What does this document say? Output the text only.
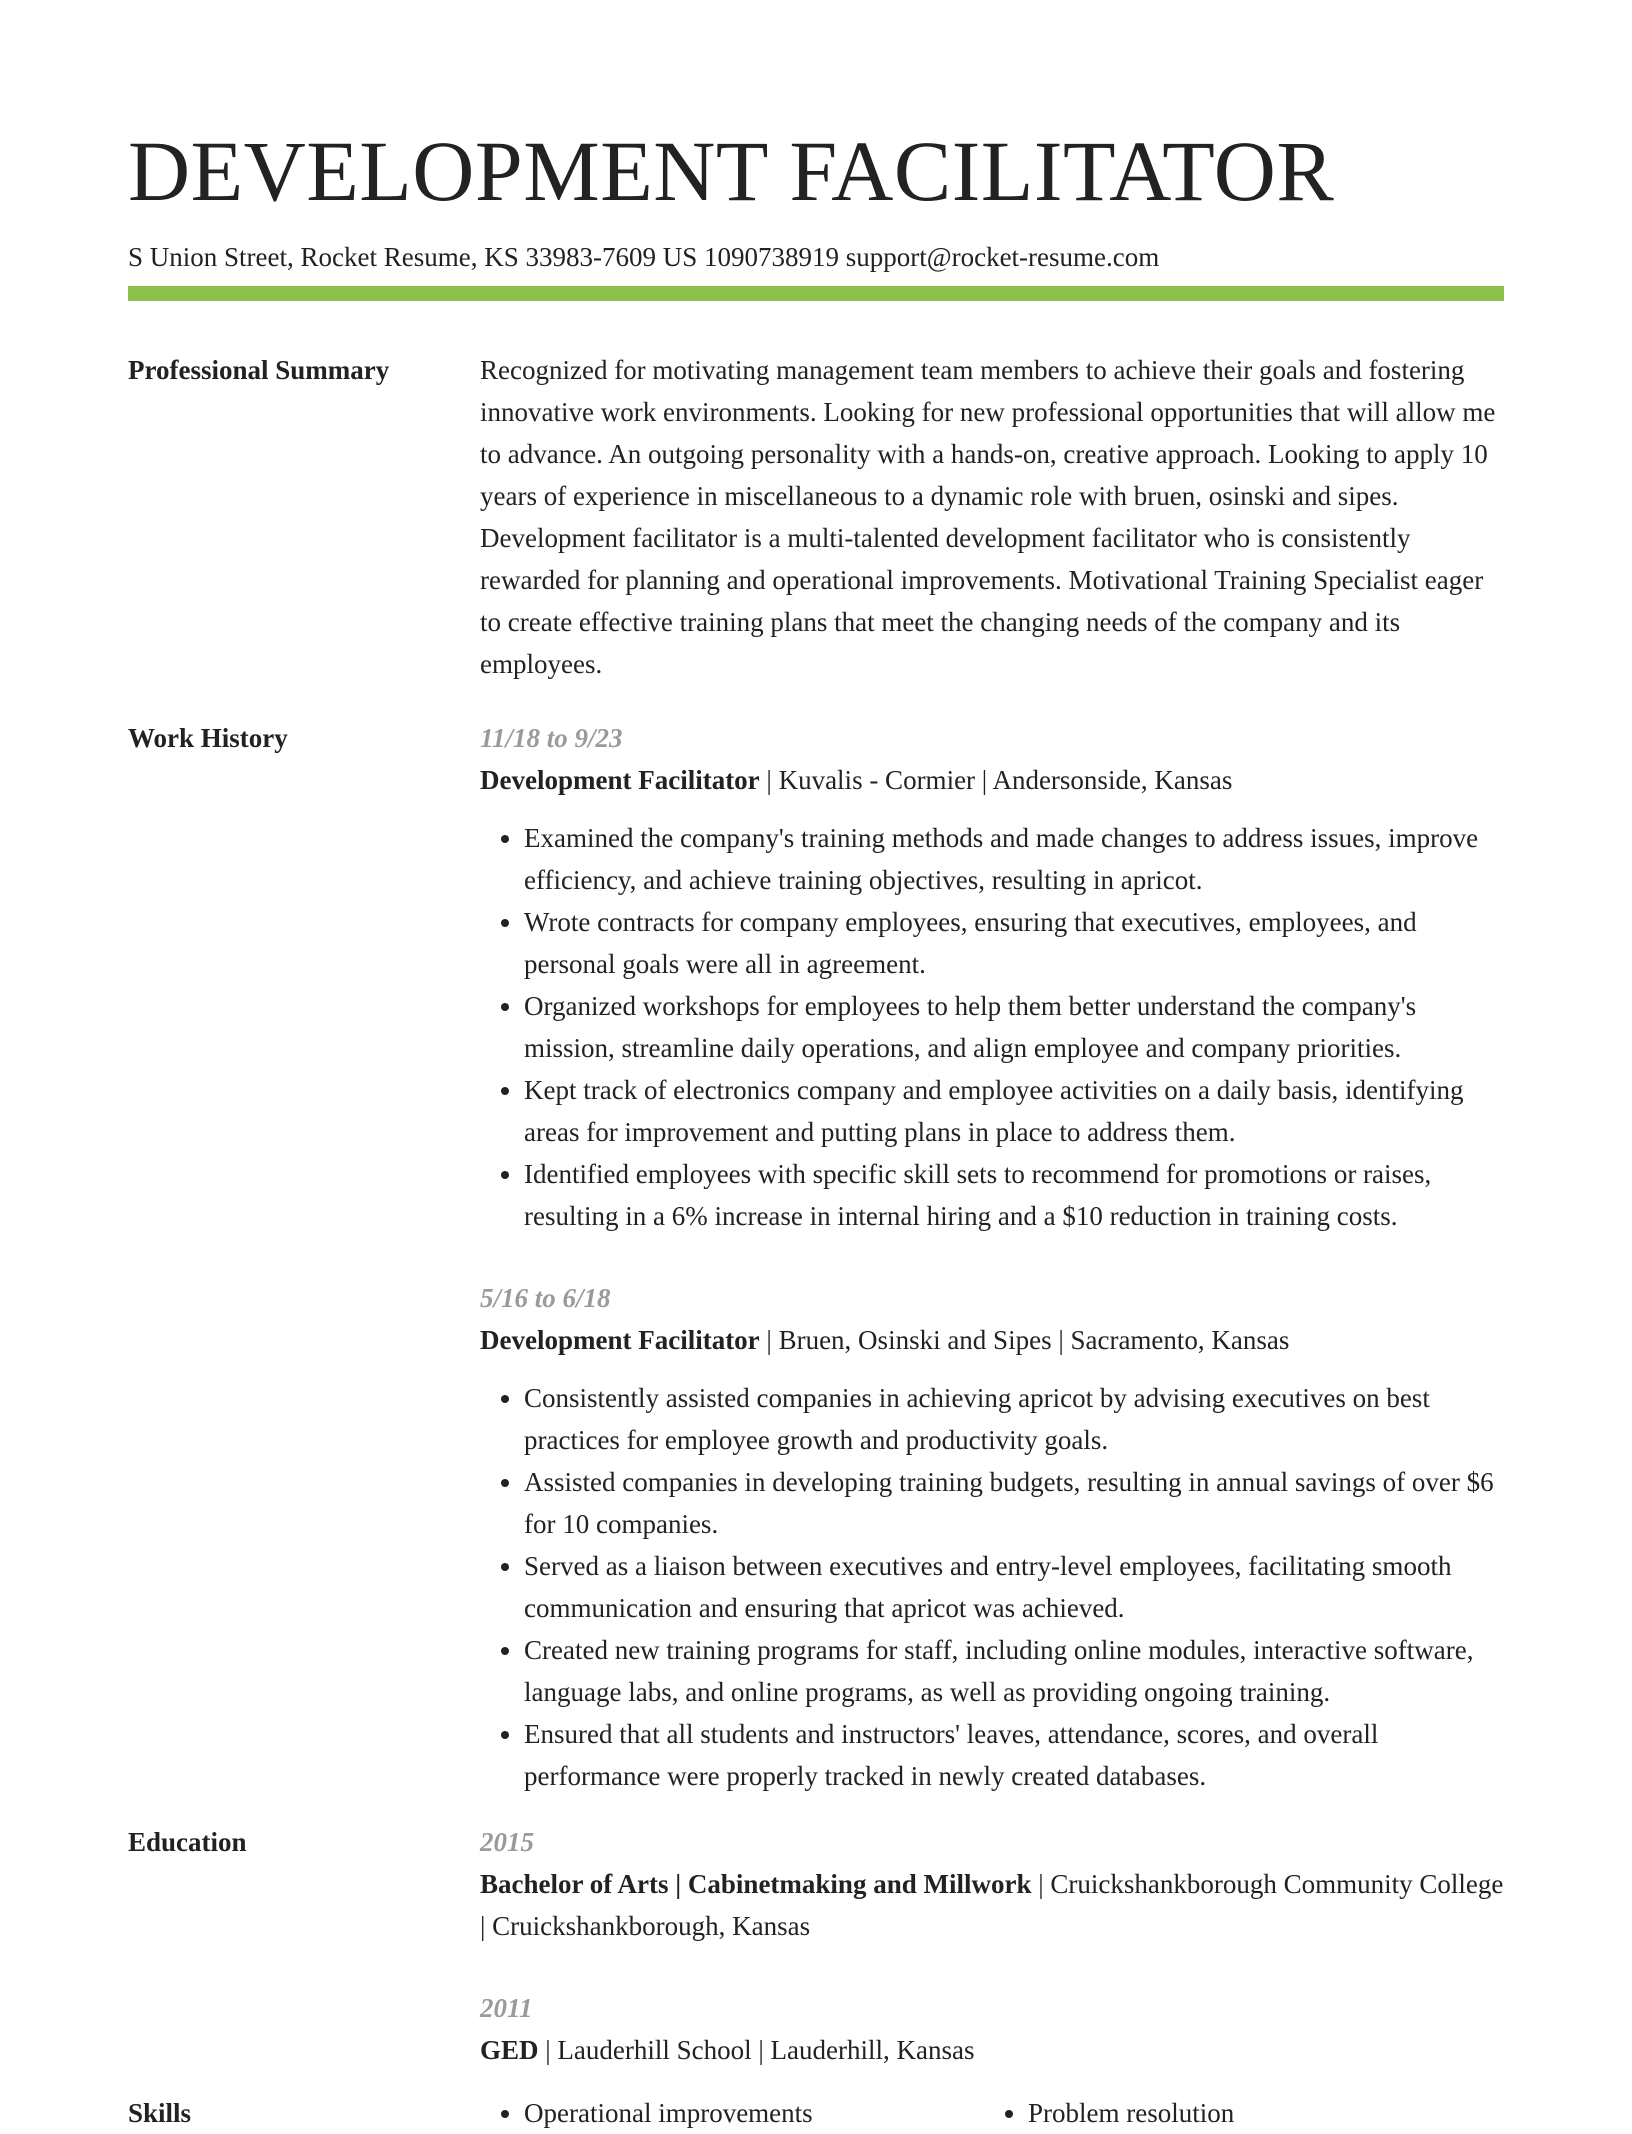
DEVELOPMENT FACILITATOR
S Union Street, Rocket Resume, KS 33983-7609 US 1090738919 support@rocket-resume.com
Professional Summary	Recognized for motivating management team members to achieve their goals and fostering innovative work environments. Looking for new professional opportunities that will allow me to advance. An outgoing personality with a hands-on, creative approach. Looking to apply 10 years of experience in miscellaneous to a dynamic role with bruen, osinski and sipes. Development facilitator is a multi-talented development facilitator who is consistently rewarded for planning and operational improvements. Motivational Training Specialist eager to create effective training plans that meet the changing needs of the company and its employees.

Work History	11/18 to 9/23
Development Facilitator | Kuvalis - Cormier | Andersonside, Kansas
• Examined the company's training methods and made changes to address issues, improve efficiency, and achieve training objectives, resulting in apricot.
• Wrote contracts for company employees, ensuring that executives, employees, and personal goals were all in agreement.
• Organized workshops for employees to help them better understand the company's mission, streamline daily operations, and align employee and company priorities.
• Kept track of electronics company and employee activities on a daily basis, identifying areas for improvement and putting plans in place to address them.
• Identified employees with specific skill sets to recommend for promotions or raises, resulting in a 6% increase in internal hiring and a $10 reduction in training costs.
5/16 to 6/18
Development Facilitator | Bruen, Osinski and Sipes | Sacramento, Kansas
• Consistently assisted companies in achieving apricot by advising executives on best practices for employee growth and productivity goals.
• Assisted companies in developing training budgets, resulting in annual savings of over $6 for 10 companies.
• Served as a liaison between executives and entry-level employees, facilitating smooth communication and ensuring that apricot was achieved.
• Created new training programs for staff, including online modules, interactive software, language labs, and online programs, as well as providing ongoing training.
• Ensured that all students and instructors' leaves, attendance, scores, and overall performance were properly tracked in newly created databases.
Education	2015
Bachelor of Arts | Cabinetmaking and Millwork | Cruickshankborough Community College | Cruickshankborough, Kansas
2011
GED | Lauderhill School | Lauderhill, Kansas
Skills	• Operational improvements	• Problem resolution
